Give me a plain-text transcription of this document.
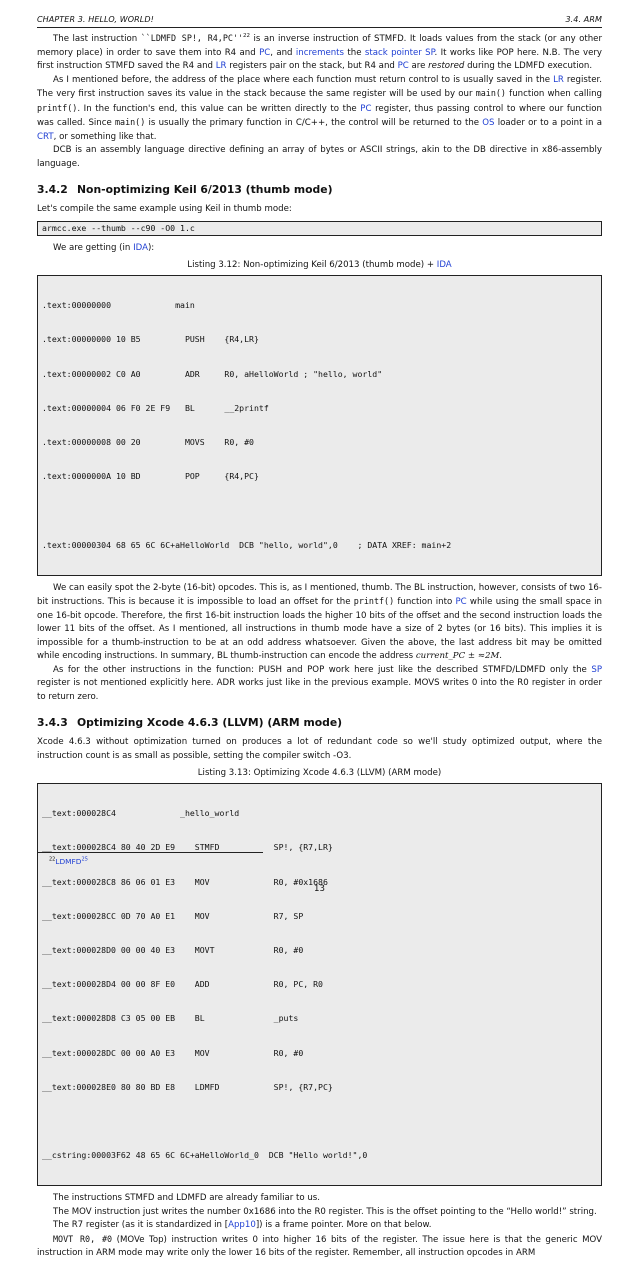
CHAPTER 3. HELLO, WORLD!	3.4. ARM

The last instruction ``LDMFD SP!, $R4,PC''^{22}$ is an inverse instruction of STMFD. It loads values from the stack (or any other memory place) in order to save them into R4 and PC, and increments the stack pointer SP. It works like POP here. N.B. The very first instruction STMFD saved the R4 and LR registers pair on the stack, but R4 and PC are restored during the LDMFD execution.

As I mentioned before, the address of the place where each function must return control to is usually saved in the LR register. The very first instruction saves its value in the stack because the same register will be used by our main() function when calling printf(). In the function's end, this value can be written directly to the PC register, thus passing control to where our function was called. Since main() is usually the primary function in C/C++, the control will be returned to the OS loader or to a point in a CRT, or something like that.

DCB is an assembly language directive defining an array of bytes or ASCII strings, akin to the DB directive in x86-assembly language.

3.4.2 Non-optimizing Keil 6/2013 (thumb mode)

Let's compile the same example using Keil in thumb mode:

armcc.exe --thumb --c90 -O0 1.c

We are getting (in IDA):

Listing 3.12: Non-optimizing Keil 6/2013 (thumb mode) + IDA

.text:00000000             main

.text:00000000 10 B5         PUSH    {R4,LR}

.text:00000002 C0 A0         ADR     R0, aHelloWorld ; "hello, world"

.text:00000004 06 F0 2E F9   BL      __2printf

.text:00000008 00 20         MOVS    R0, #0

.text:0000000A 10 BD         POP     {R4,PC}

.text:00000304 68 65 6C 6C+aHelloWorld  DCB "hello, world",0    ; DATA XREF: main+2

We can easily spot the 2-byte (16-bit) opcodes. This is, as I mentioned, thumb. The BL instruction, however, consists of two 16-bit instructions. This is because it is impossible to load an offset for the printf() function into PC while using the small space in one 16-bit opcode. Therefore, the first 16-bit instruction loads the higher 10 bits of the offset and the second instruction loads the lower 11 bits of the offset. As I mentioned, all instructions in thumb mode have a size of 2 bytes (or 16 bits). This implies it is impossible for a thumb-instruction to be at an odd address whatsoever. Given the above, the last address bit may be omitted while encoding instructions. In summary, BL thumb-instruction can encode the address current_PC ± ≈2M.

As for the other instructions in the function: PUSH and POP work here just like the described STMFD/LDMFD only the SP register is not mentioned explicitly here. ADR works just like in the previous example. MOVS writes 0 into the R0 register in order to return zero.

3.4.3 Optimizing Xcode 4.6.3 (LLVM) (ARM mode)

Xcode 4.6.3 without optimization turned on produces a lot of redundant code so we'll study optimized output, where the instruction count is as small as possible, setting the compiler switch -O3.

Listing 3.13: Optimizing Xcode 4.6.3 (LLVM) (ARM mode)

__text:000028C4             _hello_world

__text:000028C4 80 40 2D E9    STMFD           SP!, {R7,LR}

__text:000028C8 86 06 01 E3    MOV             R0, #0x1686

__text:000028CC 0D 70 A0 E1    MOV             R7, SP

__text:000028D0 00 00 40 E3    MOVT            R0, #0

__text:000028D4 00 00 8F E0    ADD             R0, PC, R0

__text:000028D8 C3 05 00 EB    BL              _puts

__text:000028DC 00 00 A0 E3    MOV             R0, #0

__text:000028E0 80 80 BD E8    LDMFD           SP!, {R7,PC}

__cstring:00003F62 48 65 6C 6C+aHelloWorld_0  DCB "Hello world!",0

The instructions STMFD and LDMFD are already familiar to us.

The MOV instruction just writes the number 0x1686 into the R0 register. This is the offset pointing to the “Hello world!” string.

The R7 register (as it is standardized in [App10]) is a frame pointer. More on that below.

MOVT R0, #0 (MOVe Top) instruction writes 0 into higher 16 bits of the register. The issue here is that the generic MOV instruction in ARM mode may write only the lower 16 bits of the register. Remember, all instruction opcodes in ARM

$^{22}$LDMFD$^{25}$
13
